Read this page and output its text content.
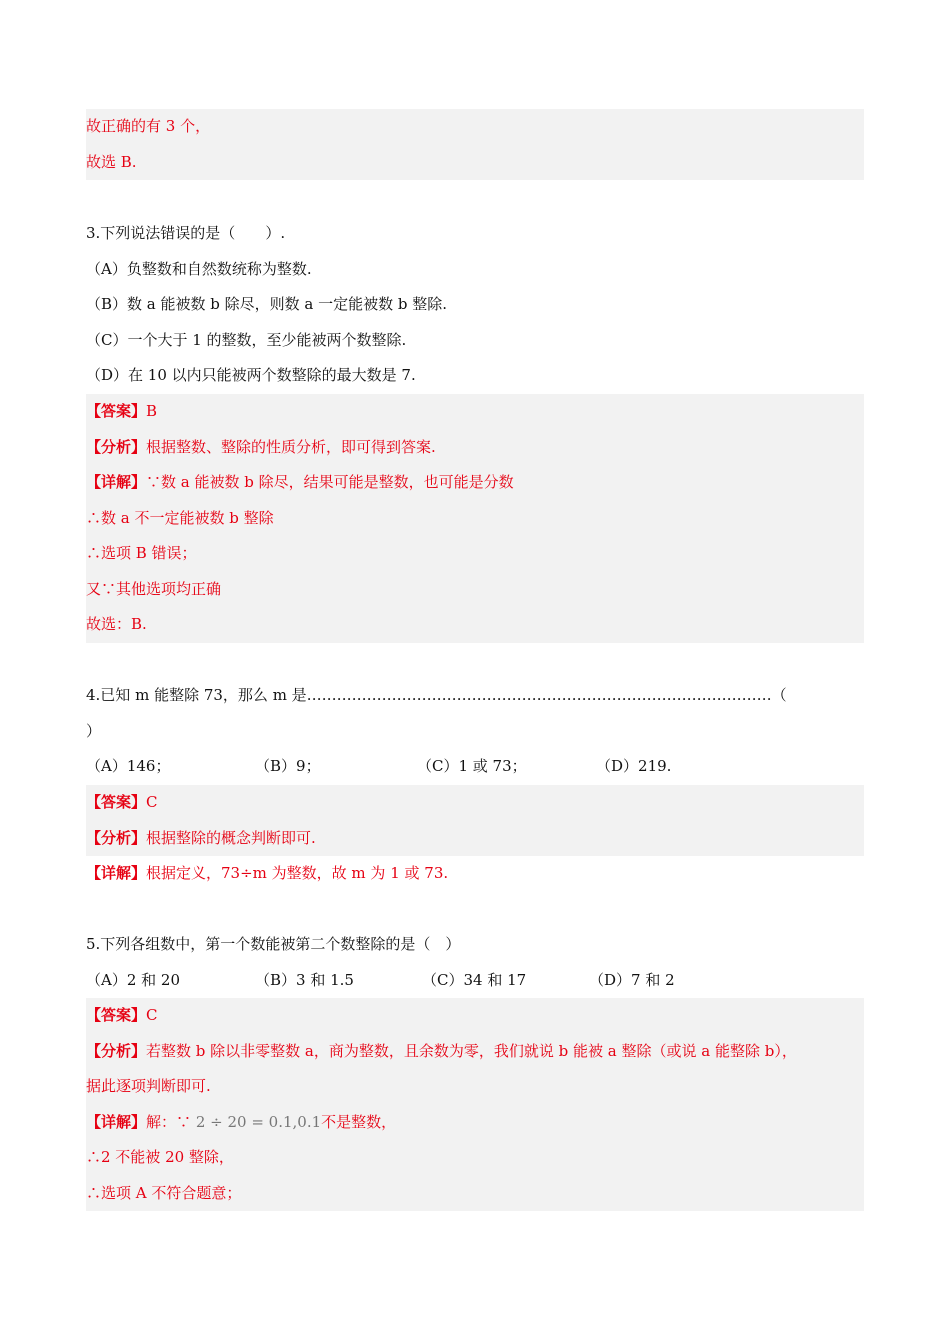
故正确的有 3 个，
故选 B.
3.下列说法错误的是（　　）.
（A）负整数和自然数统称为整数.
（B）数 a 能被数 b 除尽，则数 a 一定能被数 b 整除.
（C）一个大于 1 的整数，至少能被两个数整除.
（D）在 10 以内只能被两个数整除的最大数是 7.
【答案】B
【分析】根据整数、整除的性质分析，即可得到答案.
【详解】∵数 a 能被数 b 除尽，结果可能是整数，也可能是分数
∴数 a 不一定能被数 b 整除
∴选项 B 错误；
又∵其他选项均正确
故选：B.
4.已知 m 能整除 73，那么 m 是…………………………………………………………………………………（
）
（A）146；	（B）9；	（C）1 或 73；	（D）219.
【答案】C
【分析】根据整除的概念判断即可.
【详解】根据定义，73÷m 为整数，故 m 为 1 或 73.
5.下列各组数中，第一个数能被第二个数整除的是（　）
（A）2 和 20	（B）3 和 1.5	（C）34 和 17	（D）7 和 2
【答案】C
【分析】若整数 b 除以非零整数 a，商为整数，且余数为零，我们就说 b 能被 a 整除（或说 a 能整除 b），
据此逐项判断即可.
【详解】解：∵ 2 ÷ 20 = 0.1,0.1不是整数，
∴2 不能被 20 整除，
∴选项 A 不符合题意；
